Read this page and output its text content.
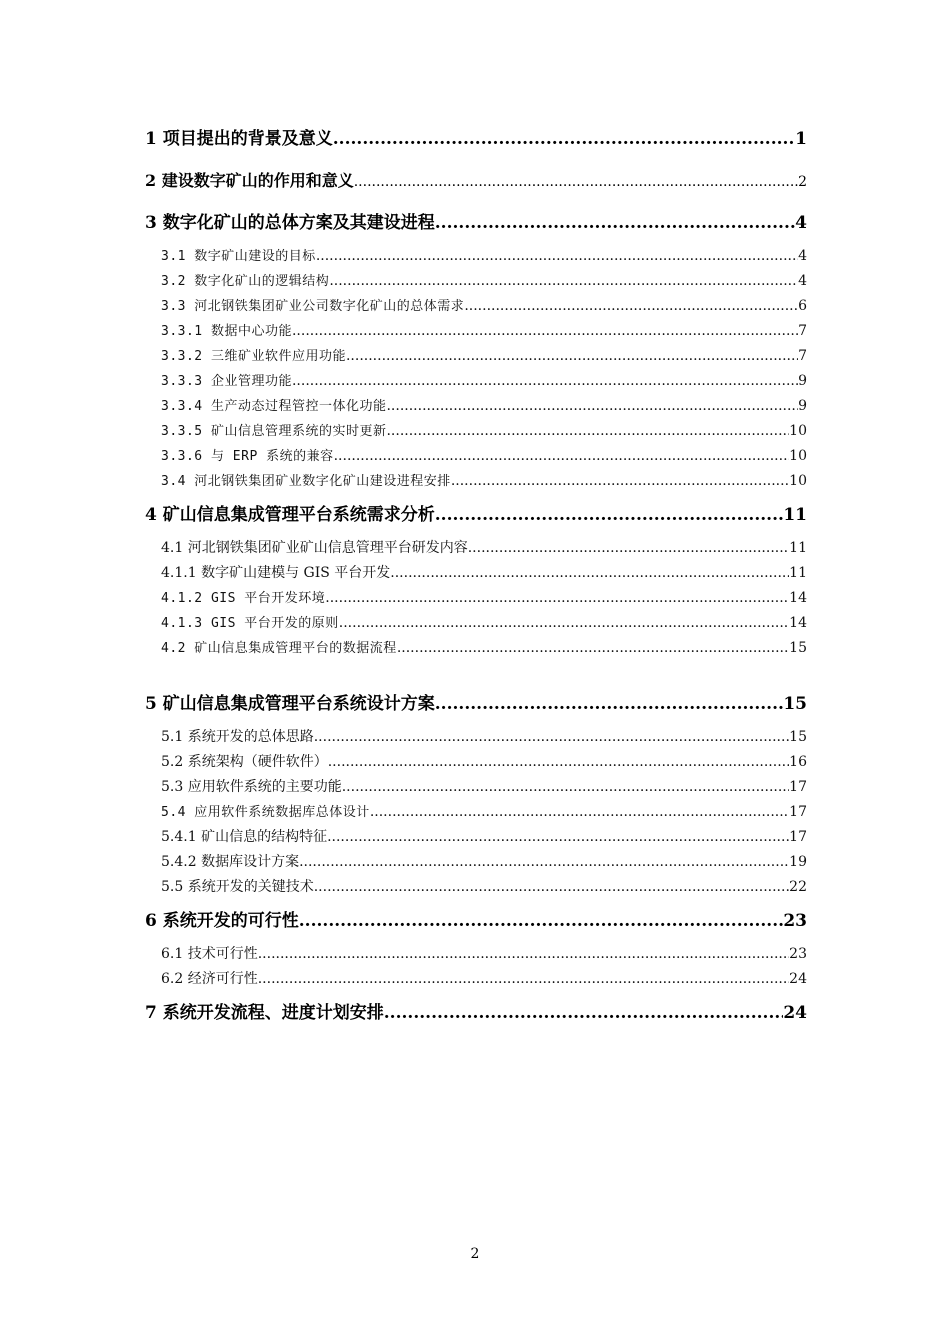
1 项目提出的背景及意义 .....	1
2 建设数字矿山的作用和意义 .....	2
3 数字化矿山的总体方案及其建设进程 .....	4
3.1 数字矿山建设的目标 .....	4
3.2 数字化矿山的逻辑结构 .....	4
3.3 河北钢铁集团矿业公司数字化矿山的总体需求 .....	6
3.3.1 数据中心功能 .....	7
3.3.2 三维矿业软件应用功能 .....	7
3.3.3 企业管理功能 .....	9
3.3.4 生产动态过程管控一体化功能 .....	9
3.3.5 矿山信息管理系统的实时更新 .....	10
3.3.6 与 ERP 系统的兼容 .....	10
3.4 河北钢铁集团矿业数字化矿山建设进程安排 .....	10
4 矿山信息集成管理平台系统需求分析 .....	11
4.1 河北钢铁集团矿业矿山信息管理平台研发内容 .....	11
4.1.1 数字矿山建模与 GIS 平台开发 .....	11
4.1.2 GIS 平台开发环境 .....	14
4.1.3 GIS 平台开发的原则 .....	14
4.2 矿山信息集成管理平台的数据流程 .....	15
5 矿山信息集成管理平台系统设计方案 .....	15
5.1 系统开发的总体思路 .....	15
5.2 系统架构（硬件软件） .....	16
5.3 应用软件系统的主要功能 .....	17
5.4 应用软件系统数据库总体设计 .....	17
5.4.1 矿山信息的结构特征 .....	17
5.4.2 数据库设计方案 .....	19
5.5 系统开发的关键技术 .....	22
6 系统开发的可行性 .....	23
6.1 技术可行性 .....	23
6.2 经济可行性 .....	24
7 系统开发流程、进度计划安排 .....	24
2
